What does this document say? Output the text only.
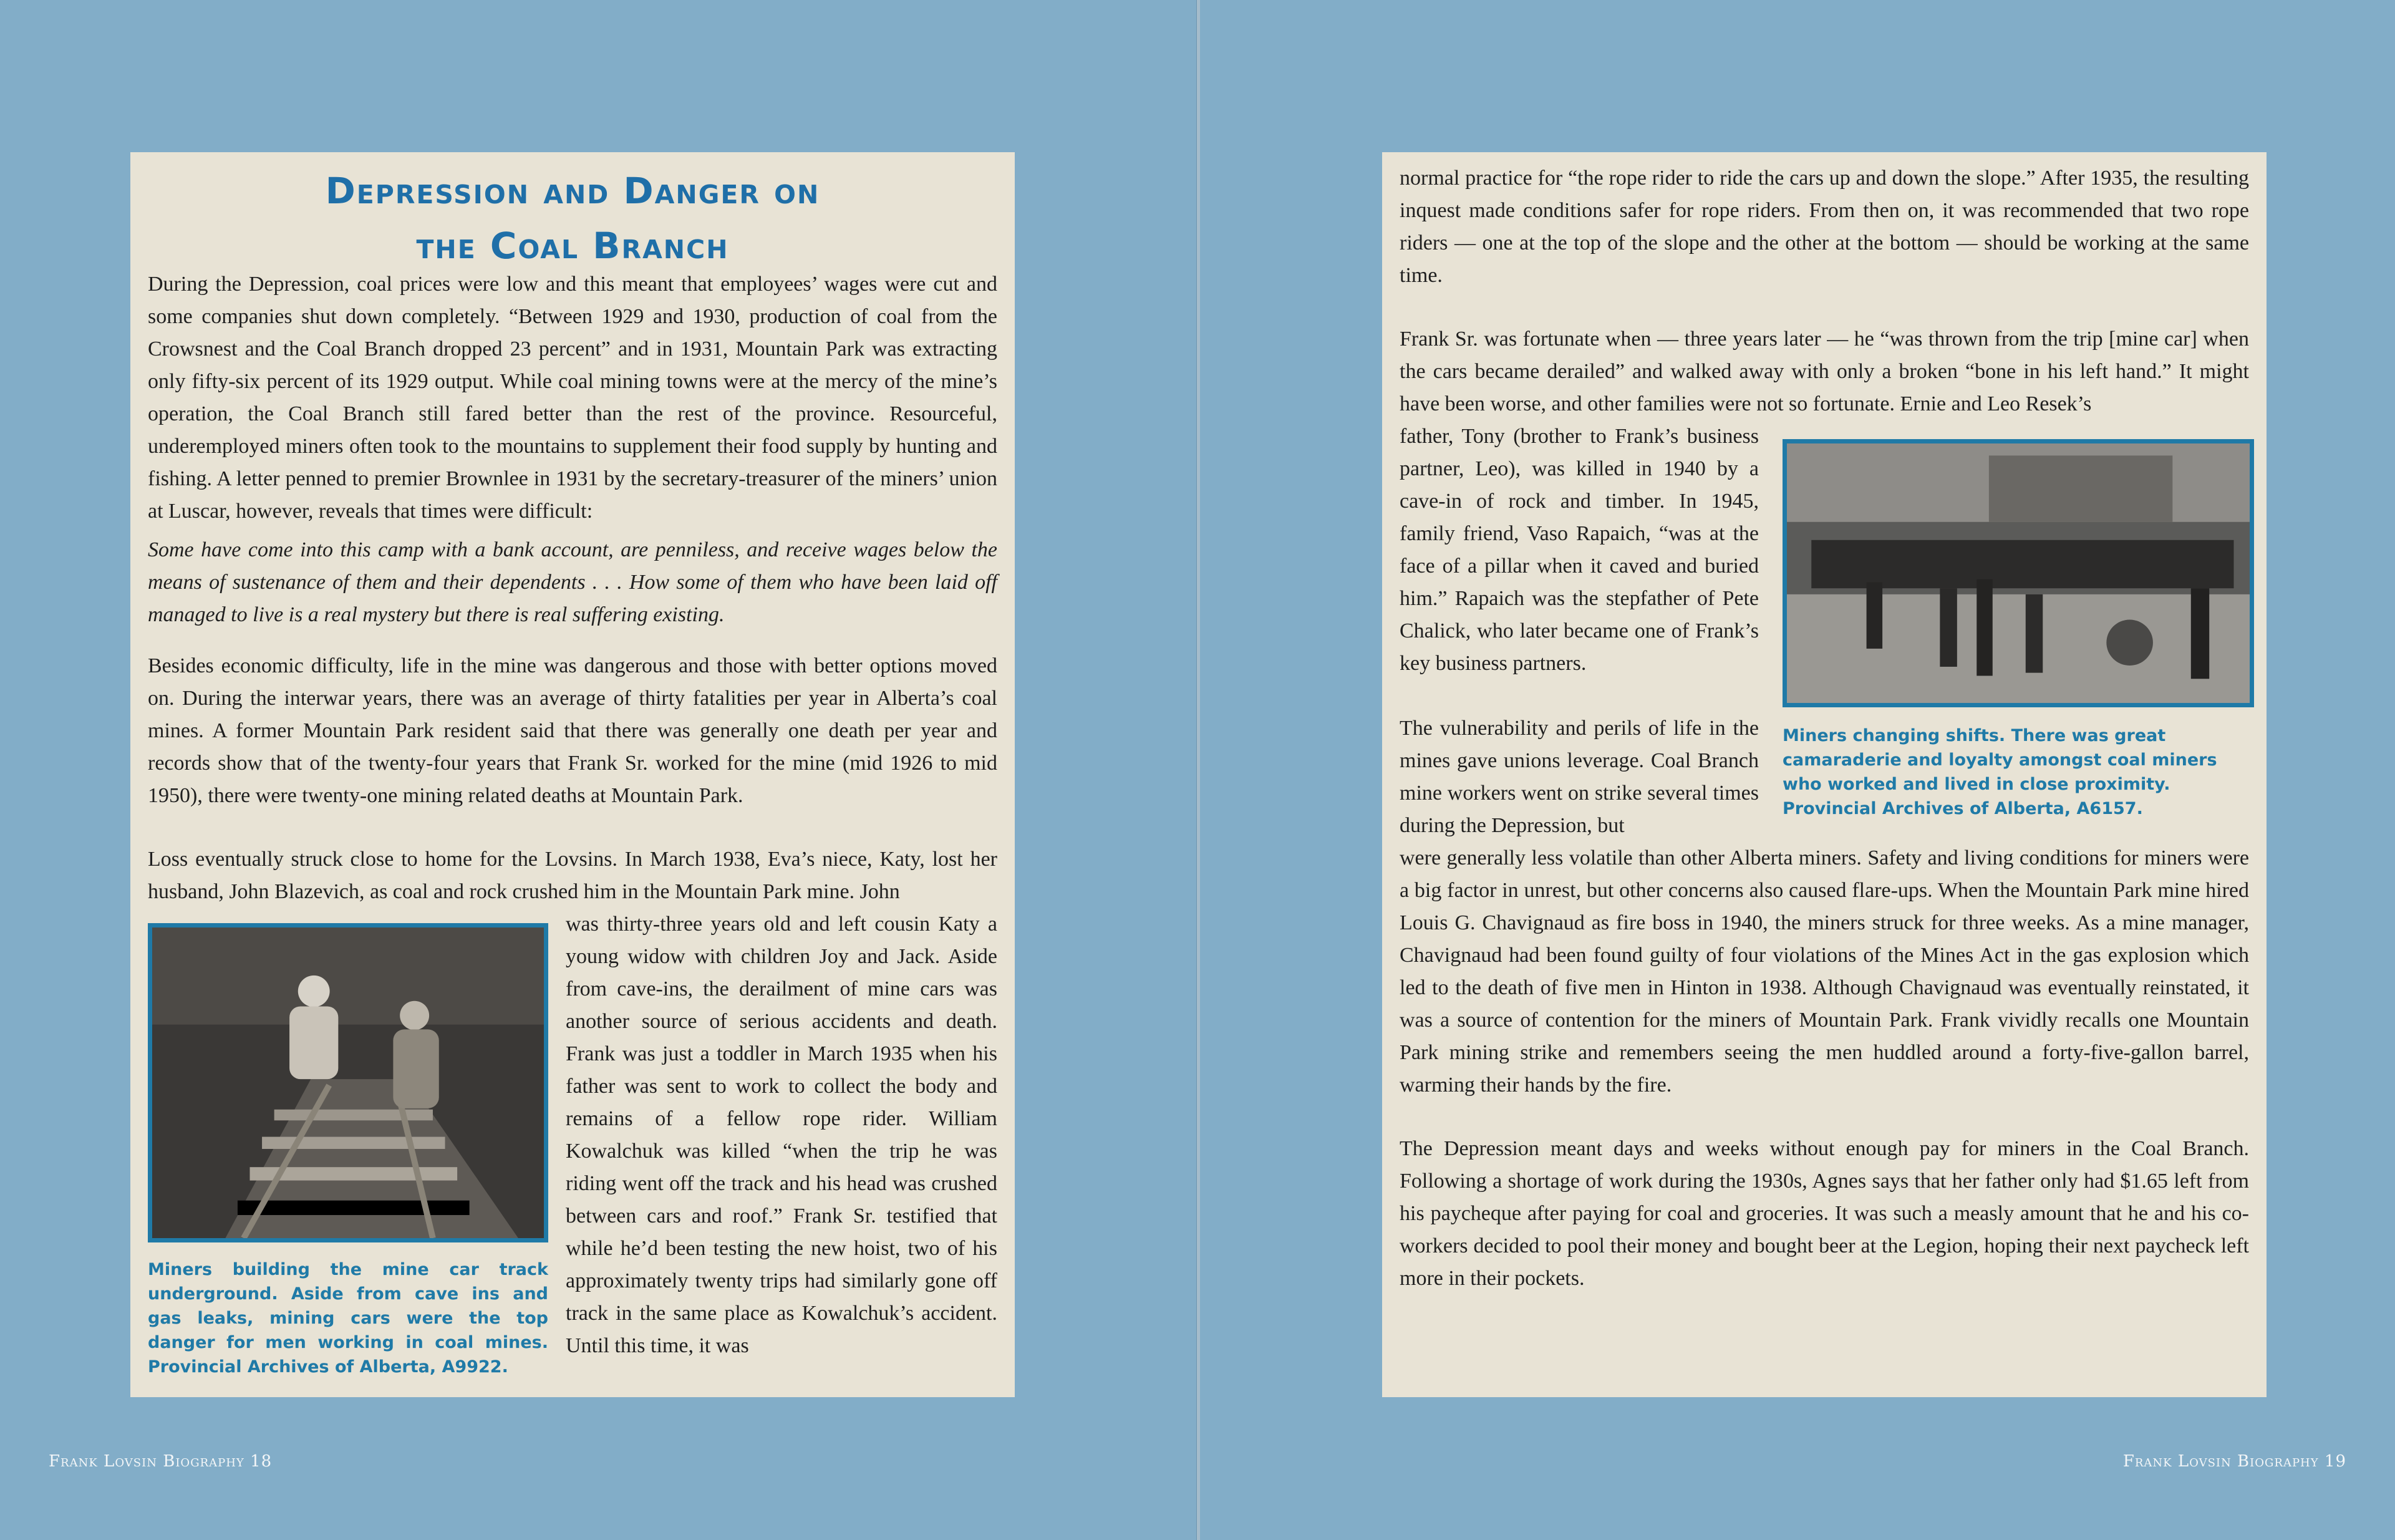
Depression and Danger on
the Coal Branch
During the Depression, coal prices were low and this meant that employees’ wages were cut and some companies shut down completely. “Between 1929 and 1930, production of coal from the Crowsnest and the Coal Branch dropped 23 percent” and in 1931, Mountain Park was extracting only fifty-six percent of its 1929 output. While coal mining towns were at the mercy of the mine’s operation, the Coal Branch still fared better than the rest of the province. Resourceful, underemployed miners often took to the mountains to supplement their food supply by hunting and fishing. A letter penned to premier Brownlee in 1931 by the secretary-treasurer of the miners’ union at Luscar, however, reveals that times were difficult:
Some have come into this camp with a bank account, are penniless, and receive wages below the means of sustenance of them and their dependents . . . How some of them who have been laid off managed to live is a real mystery but there is real suffering existing.
Besides economic difficulty, life in the mine was dangerous and those with better options moved on. During the interwar years, there was an average of thirty fatalities per year in Alberta’s coal mines. A former Mountain Park resident said that there was generally one death per year and records show that of the twenty-four years that Frank Sr. worked for the mine (mid 1926 to mid 1950), there were twenty-one mining related deaths at Mountain Park.
Loss eventually struck close to home for the Lovsins. In March 1938, Eva’s niece, Katy, lost her husband, John Blazevich, as coal and rock crushed him in the Mountain Park mine. John
Miners building the mine car track underground. Aside from cave ins and gas leaks, mining cars were the top danger for men working in coal mines. Provincial Archives of Alberta, A9922.
was thirty-three years old and left cousin Katy a young widow with children Joy and Jack. Aside from cave-ins, the derailment of mine cars was another source of serious accidents and death. Frank was just a toddler in March 1935 when his father was sent to work to collect the body and remains of a fellow rope rider. William Kowalchuk was killed “when the trip he was riding went off the track and his head was crushed between cars and roof.” Frank Sr. testified that while he’d been testing the new hoist, two of his approximately twenty trips had similarly gone off track in the same place as Kowalchuk’s accident. Until this time, it was
normal practice for “the rope rider to ride the cars up and down the slope.” After 1935, the resulting inquest made conditions safer for rope riders. From then on, it was recommended that two rope riders — one at the top of the slope and the other at the bottom — should be working at the same time.
Frank Sr. was fortunate when — three years later — he “was thrown from the trip [mine car] when the cars became derailed” and walked away with only a broken “bone in his left hand.” It might have been worse, and other families were not so fortunate. Ernie and Leo Resek’s
father, Tony (brother to Frank’s business partner, Leo), was killed in 1940 by a cave-in of rock and timber. In 1945, family friend, Vaso Rapaich, “was at the face of a pillar when it caved and buried him.” Rapaich was the stepfather of Pete Chalick, who later became one of Frank’s key business partners.
Miners changing shifts. There was great camaraderie and loyalty amongst coal miners who worked and lived in close proximity. Provincial Archives of Alberta, A6157.
The vulnerability and perils of life in the mines gave unions leverage. Coal Branch mine workers went on strike several times during the Depression, but
were generally less volatile than other Alberta miners. Safety and living conditions for miners were a big factor in unrest, but other concerns also caused flare-ups. When the Mountain Park mine hired Louis G. Chavignaud as fire boss in 1940, the miners struck for three weeks. As a mine manager, Chavignaud had been found guilty of four violations of the Mines Act in the gas explosion which led to the death of five men in Hinton in 1938. Although Chavignaud was eventually reinstated, it was a source of contention for the miners of Mountain Park. Frank vividly recalls one Mountain Park mining strike and remembers seeing the men huddled around a forty-five-gallon barrel, warming their hands by the fire.
The Depression meant days and weeks without enough pay for miners in the Coal Branch. Following a shortage of work during the 1930s, Agnes says that her father only had $1.65 left from his paycheque after paying for coal and groceries. It was such a measly amount that he and his co-workers decided to pool their money and bought beer at the Legion, hoping their next paycheck left more in their pockets.
Frank Lovsin Biography 18	Frank Lovsin Biography 19
